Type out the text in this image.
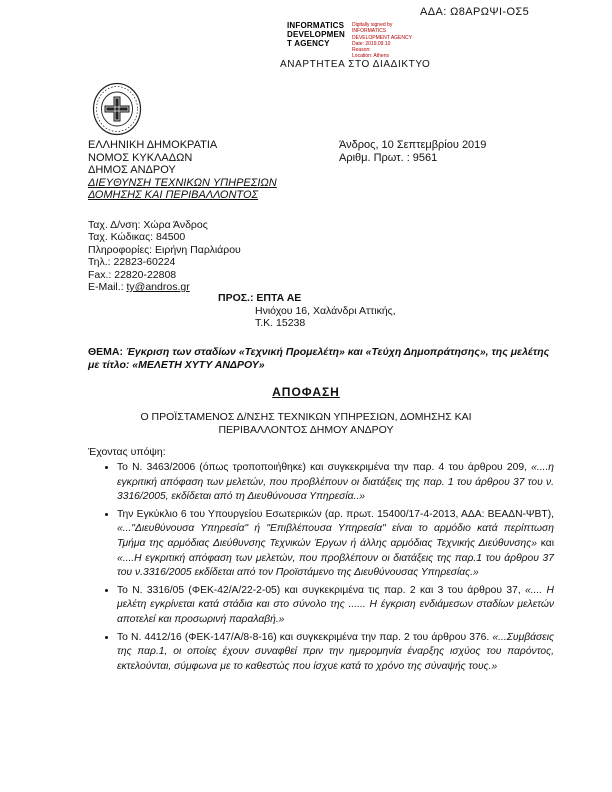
ΑΔΑ: Ω8ΑΡΩΨΙ-ΟΣ5
INFORMATICS
DEVELOPMEN
T AGENCY
Digitally signed by
INFORMATICS
DEVELOPMENT AGENCY
Date: 2019.09.10
Reason:
Location: Athens
ΑΝΑΡΤΗΤΕΑ ΣΤΟ ΔΙΑΔΙΚΤΥΟ
ΕΛΛΗΝΙΚΗ ΔΗΜΟΚΡΑΤΙΑ
ΝΟΜΟΣ ΚΥΚΛΑΔΩΝ
ΔΗΜΟΣ ΑΝΔΡΟΥ
ΔΙΕΥΘΥΝΣΗ ΤΕΧΝΙΚΩΝ ΥΠΗΡΕΣΙΩΝ
ΔΟΜΗΣΗΣ ΚΑΙ ΠΕΡΙΒΑΛΛΟΝΤΟΣ
Άνδρος, 10 Σεπτεμβρίου 2019
Αριθμ. Πρωτ. : 9561
Ταχ. Δ/νση: Χώρα Άνδρος
Ταχ. Κώδικας: 84500
Πληροφορίες: Ειρήνη Παρλιάρου
Τηλ.: 22823-60224
Fax.: 22820-22808
E-Mail.: ty@andros.gr
ΠΡΟΣ.: ΕΠΤΑ ΑΕ
Ηνιόχου 16, Χαλάνδρι Αττικής,
Τ.Κ. 15238
ΘΕΜΑ: Έγκριση των σταδίων «Τεχνική Προμελέτη» και «Τεύχη Δημοπράτησης», της μελέτης με τίτλο: «ΜΕΛΕΤΗ ΧΥΤΥ ΑΝΔΡΟΥ»
ΑΠΟΦΑΣΗ
Ο ΠΡΟΪΣΤΑΜΕΝΟΣ Δ/ΝΣΗΣ ΤΕΧΝΙΚΩΝ ΥΠΗΡΕΣΙΩΝ, ΔΟΜΗΣΗΣ ΚΑΙ
ΠΕΡΙΒΑΛΛΟΝΤΟΣ ΔΗΜΟΥ ΑΝΔΡΟΥ
Έχοντας υπόψη:
• Το Ν. 3463/2006 (όπως τροποποιήθηκε) και συγκεκριμένα την παρ. 4 του άρθρου 209, «....η εγκριτική απόφαση των μελετών, που προβλέπουν οι διατάξεις της παρ. 1 του άρθρου 37 του ν. 3316/2005, εκδίδεται από τη Διευθύνουσα Υπηρεσία..»
• Την Εγκύκλιο 6 του Υπουργείου Εσωτερικών (αρ. πρωτ. 15400/17-4-2013, ΑΔΑ: ΒΕΑΔΝ-ΨΒΤ), «..."Διευθύνουσα Υπηρεσία" ή "Επιβλέπουσα Υπηρεσία" είναι το αρμόδιο κατά περίπτωση Τμήμα της αρμόδιας Διεύθυνσης Τεχνικών Έργων ή άλλης αρμόδιας Τεχνικής Διεύθυνσης» και «....Η εγκριτική απόφαση των μελετών, που προβλέπουν οι διατάξεις της παρ.1 του άρθρου 37 του ν.3316/2005 εκδίδεται από τον Προϊστάμενο της Διευθύνουσας Υπηρεσίας.»
• Το Ν. 3316/05 (ΦΕΚ-42/Α/22-2-05) και συγκεκριμένα τις παρ. 2 και 3 του άρθρου 37, «.... Η μελέτη εγκρίνεται κατά στάδια και στο σύνολο της ...... Η έγκριση ενδιάμεσων σταδίων μελετών αποτελεί και προσωρινή παραλαβή.»
• Το Ν. 4412/16 (ΦΕΚ-147/Α/8-8-16) και συγκεκριμένα την παρ. 2 του άρθρου 376. «...Συμβάσεις της παρ.1, οι οποίες έχουν συναφθεί πριν την ημερομηνία έναρξης ισχύος του παρόντος, εκτελούνται, σύμφωνα με το καθεστώς που ίσχυε κατά το χρόνο της σύναψής τους.»
